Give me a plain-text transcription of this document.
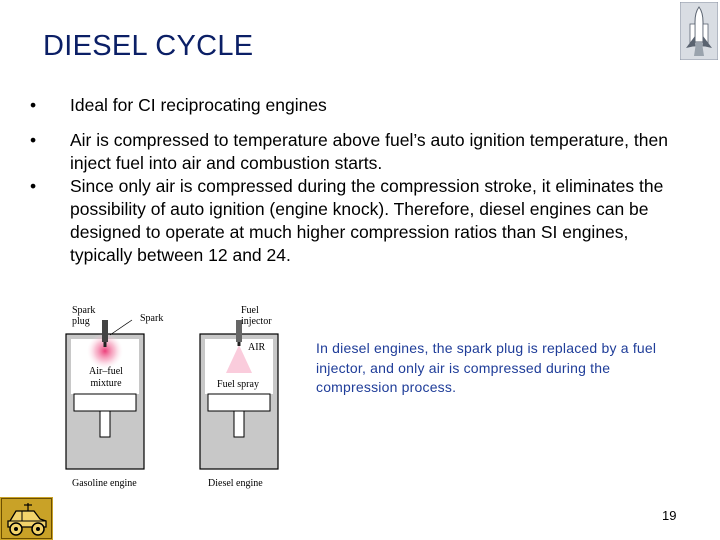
DIESEL CYCLE
•	Ideal for CI reciprocating engines
•	Air is compressed to temperature above fuel’s auto ignition temperature, then inject fuel into air and combustion starts.
•	Since only air is compressed during the compression stroke, it eliminates the possibility of auto ignition (engine knock). Therefore, diesel engines can be designed to operate at much higher compression ratios than SI engines, typically between 12 and 24.
Spark
plug	Spark
Air–fuel
mixture
Gasoline engine
Fuel
injector
AIR
Fuel spray
Diesel engine
In diesel engines, the spark plug is replaced by a fuel injector, and only air is compressed during the compression process.
19
